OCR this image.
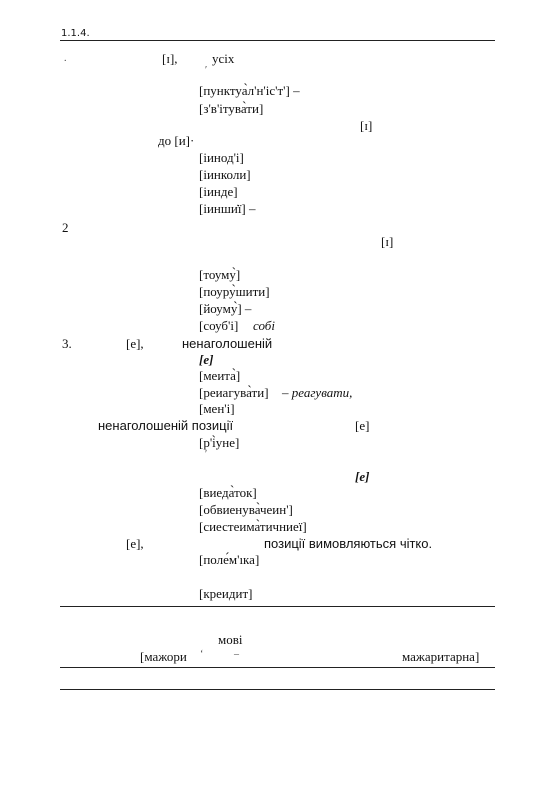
1.1.4.
.	[ɪ],	усіх
ʹ
[пунктуа̀л'н'іс'т'] –
[з'в'ітува̀ти]
[ɪ]
до [и]·
[іинод'і]
[іинколи]
[іинде]
[іинши̇ї] –
2
[ɪ]
[тоуму̀]
[поуру̀шити]
[йоуму̀] –
[соуб'і] собі
3.	[е],	ненаголошеній
[е]
[меита̀]
[реиагува̀ти] – реагувати,
[мен'і]
ненаголошеній позиції	[е]
[р'і̀уне]
ʹ
[е]
[виеда̀ток]
[обвиенува̀чеин']
[сиестеима̀тичниеї]
[е],	позиції вимовляються чітко.
[поле́м'ıка]
[креидит]
мові
[мажори ʻ	–	мажаритарна]
